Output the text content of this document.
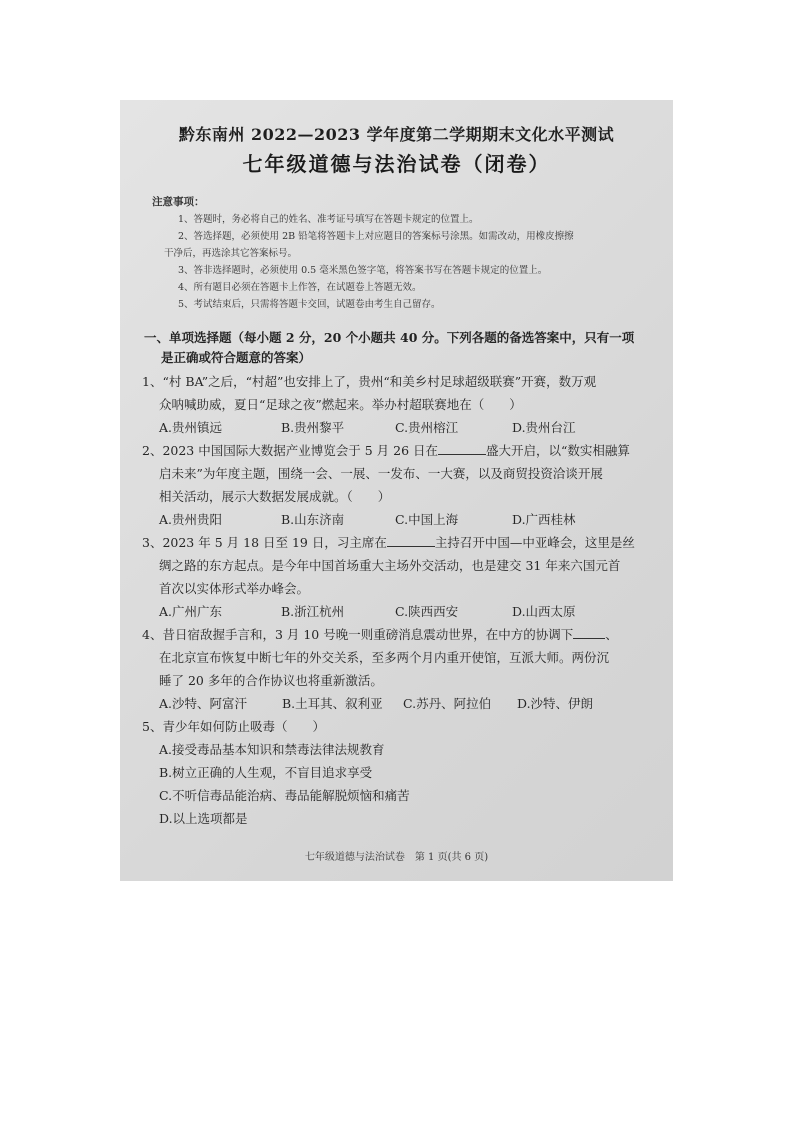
黔东南州 2022—2023 学年度第二学期期末文化水平测试
七年级道德与法治试卷（闭卷）
注意事项：
1、答题时，务必将自己的姓名、准考证号填写在答题卡规定的位置上。
2、答选择题，必须使用 2B 铅笔将答题卡上对应题目的答案标号涂黑。如需改动，用橡皮擦擦
干净后，再选涂其它答案标号。
3、答非选择题时，必须使用 0.5 毫米黑色签字笔，将答案书写在答题卡规定的位置上。
4、所有题目必须在答题卡上作答，在试题卷上答题无效。
5、考试结束后，只需将答题卡交回，试题卷由考生自己留存。
一、单项选择题（每小题 2 分，20 个小题共 40 分。下列各题的备选答案中，只有一项
是正确或符合题意的答案）
1、“村 BA”之后，“村超”也安排上了，贵州“和美乡村足球超级联赛”开赛，数万观
众呐喊助威，夏日“足球之夜”燃起来。举办村超联赛地在（　　）
A.贵州镇远	B.贵州黎平	C.贵州榕江	D.贵州台江
2、2023 中国国际大数据产业博览会于 5 月 26 日在	盛大开启，以“数实相融算
启未来”为年度主题，围绕一会、一展、一发布、一大赛，以及商贸投资洽谈开展
相关活动，展示大数据发展成就。（　　）
A.贵州贵阳	B.山东济南	C.中国上海	D.广西桂林
3、2023 年 5 月 18 日至 19 日，习主席在	主持召开中国—中亚峰会，这里是丝
绸之路的东方起点。是今年中国首场重大主场外交活动，也是建交 31 年来六国元首
首次以实体形式举办峰会。
A.广州广东	B.浙江杭州	C.陕西西安	D.山西太原
4、昔日宿敌握手言和，3 月 10 号晚一则重磅消息震动世界，在中方的协调下	、
在北京宣布恢复中断七年的外交关系，至多两个月内重开使馆，互派大师。两份沉
睡了 20 多年的合作协议也将重新激活。
A.沙特、阿富汗	B.土耳其、叙利亚	C.苏丹、阿拉伯	D.沙特、伊朗
5、青少年如何防止吸毒（　　）
A.接受毒品基本知识和禁毒法律法规教育
B.树立正确的人生观，不盲目追求享受
C.不听信毒品能治病、毒品能解脱烦恼和痛苦
D.以上选项都是
七年级道德与法治试卷　第 1 页(共 6 页)
